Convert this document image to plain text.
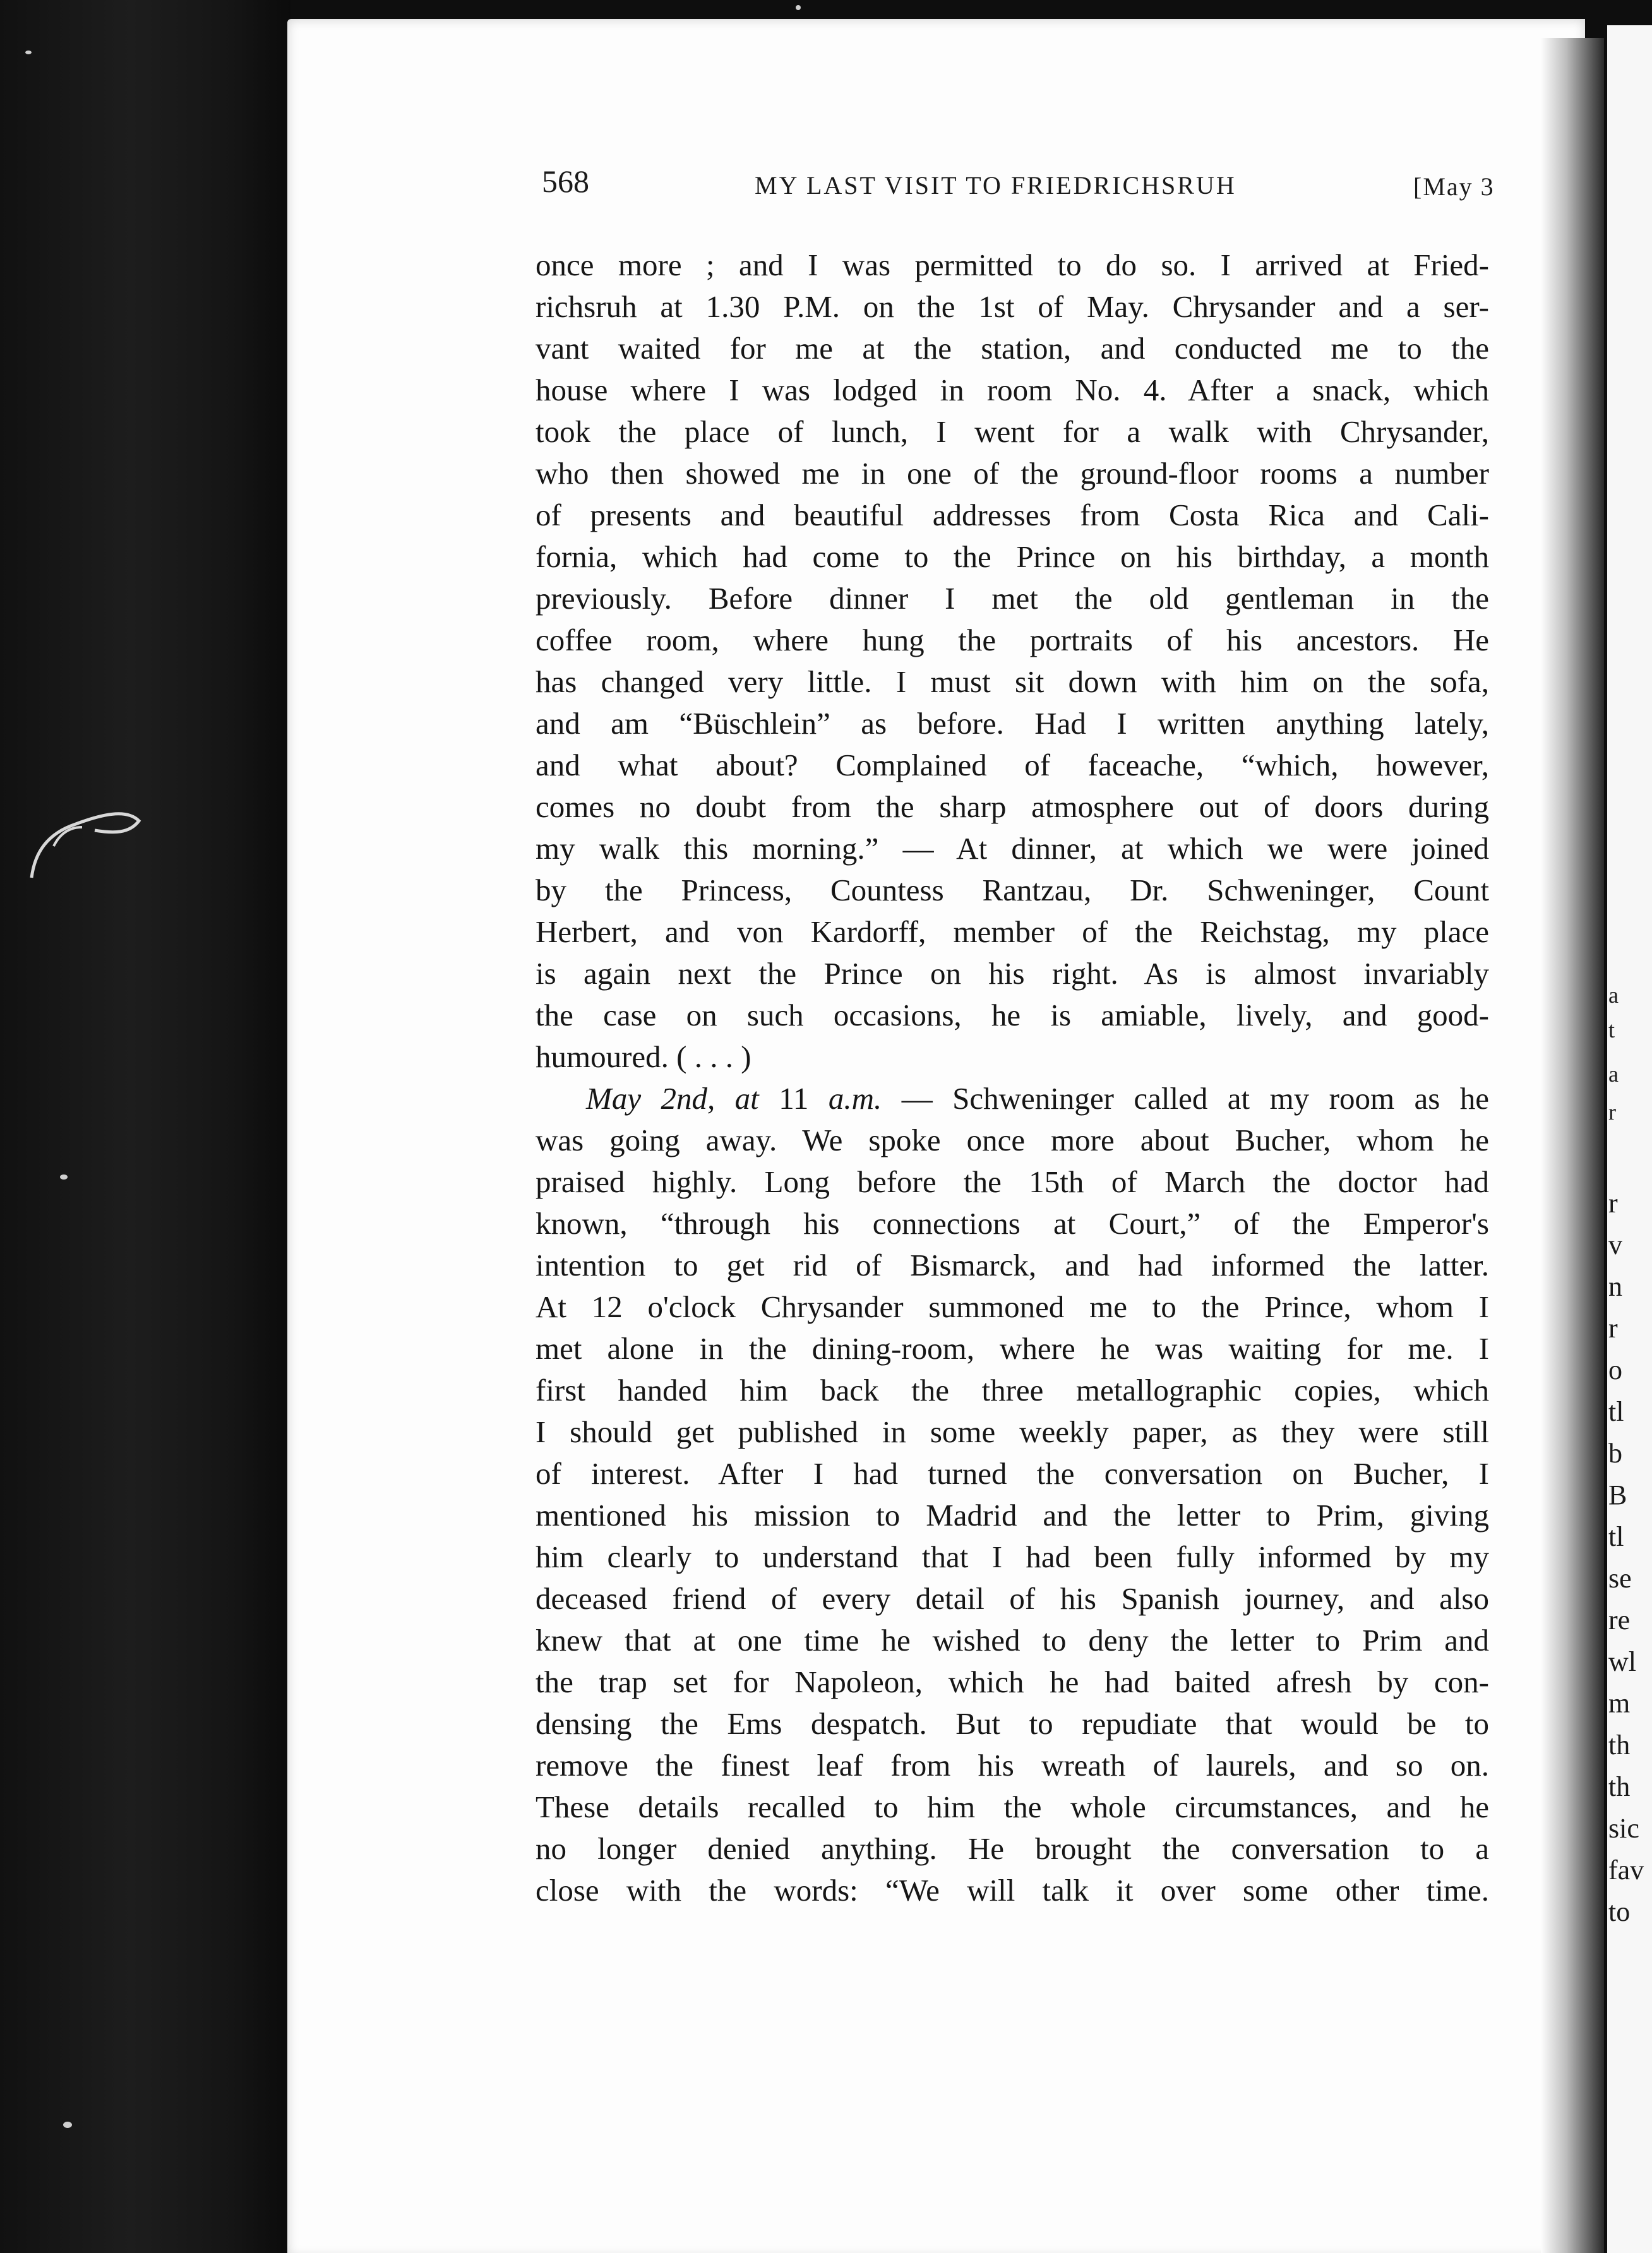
a
t
a
r
r
v
n
r
o
tl
b
B
tl
se
re
wl
m
th
th
sic
fav
to
568	MY LAST VISIT TO FRIEDRICHSRUH	[May 3
once more ; and I was permitted to do so. I arrived at Fried-
richsruh at 1.30 P.M. on the 1st of May. Chrysander and a ser-
vant waited for me at the station, and conducted me to the
house where I was lodged in room No. 4. After a snack, which
took the place of lunch, I went for a walk with Chrysander,
who then showed me in one of the ground-floor rooms a number
of presents and beautiful addresses from Costa Rica and Cali-
fornia, which had come to the Prince on his birthday, a month
previously. Before dinner I met the old gentleman in the
coffee room, where hung the portraits of his ancestors. He
has changed very little. I must sit down with him on the sofa,
and am “Büschlein” as before. Had I written anything lately,
and what about? Complained of faceache, “which, however,
comes no doubt from the sharp atmosphere out of doors during
my walk this morning.” — At dinner, at which we were joined
by the Princess, Countess Rantzau, Dr. Schweninger, Count
Herbert, and von Kardorff, member of the Reichstag, my place
is again next the Prince on his right. As is almost invariably
the case on such occasions, he is amiable, lively, and good-
humoured. ( . . . )
May 2nd, at 11 a.m. — Schweninger called at my room as he
was going away. We spoke once more about Bucher, whom he
praised highly. Long before the 15th of March the doctor had
known, “through his connections at Court,” of the Emperor's
intention to get rid of Bismarck, and had informed the latter.
At 12 o'clock Chrysander summoned me to the Prince, whom I
met alone in the dining-room, where he was waiting for me. I
first handed him back the three metallographic copies, which
I should get published in some weekly paper, as they were still
of interest. After I had turned the conversation on Bucher, I
mentioned his mission to Madrid and the letter to Prim, giving
him clearly to understand that I had been fully informed by my
deceased friend of every detail of his Spanish journey, and also
knew that at one time he wished to deny the letter to Prim and
the trap set for Napoleon, which he had baited afresh by con-
densing the Ems despatch. But to repudiate that would be to
remove the finest leaf from his wreath of laurels, and so on.
These details recalled to him the whole circumstances, and he
no longer denied anything. He brought the conversation to a
close with the words: “We will talk it over some other time.
